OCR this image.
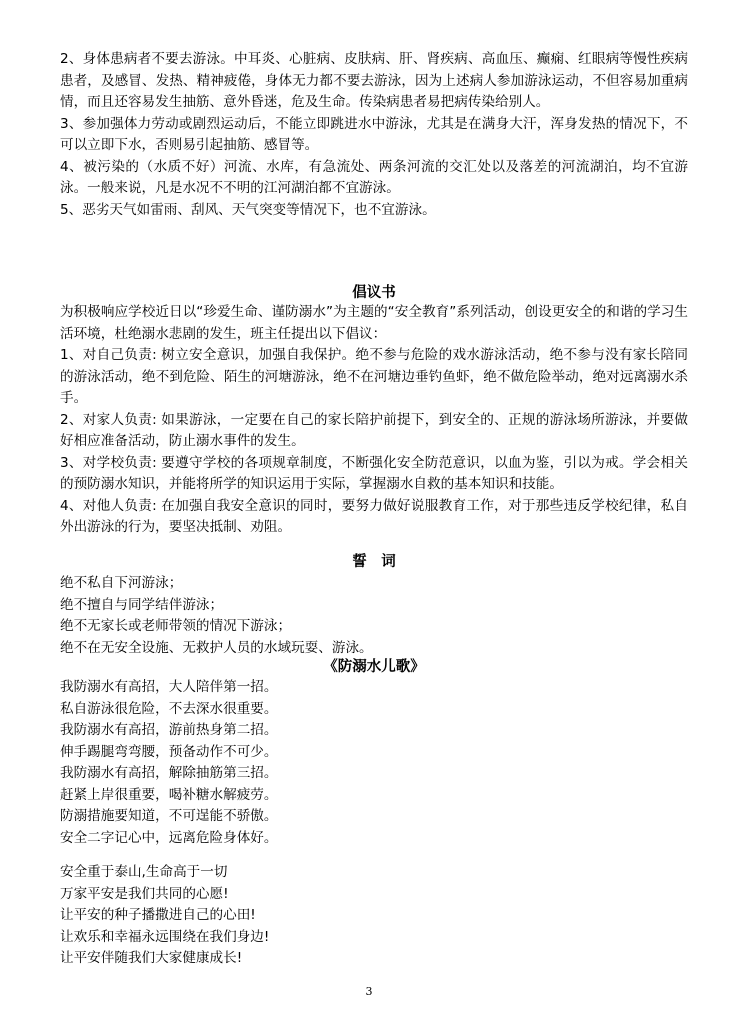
2、身体患病者不要去游泳。中耳炎、心脏病、皮肤病、肝、肾疾病、高血压、癫痫、红眼病等慢性疾病患者，及感冒、发热、精神疲倦，身体无力都不要去游泳，因为上述病人参加游泳运动，不但容易加重病情，而且还容易发生抽筋、意外昏迷，危及生命。传染病患者易把病传染给别人。

3、参加强体力劳动或剧烈运动后，不能立即跳进水中游泳，尤其是在满身大汗，浑身发热的情况下，不可以立即下水，否则易引起抽筋、感冒等。

4、被污染的（水质不好）河流、水库，有急流处、两条河流的交汇处以及落差的河流湖泊，均不宜游泳。一般来说，凡是水况不不明的江河湖泊都不宜游泳。

5、恶劣天气如雷雨、刮风、天气突变等情况下，也不宜游泳。

倡议书

为积极响应学校近日以“珍爱生命、谨防溺水”为主题的“安全教育”系列活动，创设更安全的和谐的学习生活环境，杜绝溺水悲剧的发生，班主任提出以下倡议：

1、对自己负责: 树立安全意识，加强自我保护。绝不参与危险的戏水游泳活动，绝不参与没有家长陪同的游泳活动，绝不到危险、陌生的河塘游泳，绝不在河塘边垂钓鱼虾，绝不做危险举动，绝对远离溺水杀手。

2、对家人负责: 如果游泳，一定要在自己的家长陪护前提下，到安全的、正规的游泳场所游泳，并要做好相应准备活动，防止溺水事件的发生。

3、对学校负责: 要遵守学校的各项规章制度，不断强化安全防范意识，以血为鉴，引以为戒。学会相关的预防溺水知识，并能将所学的知识运用于实际，掌握溺水自救的基本知识和技能。

4、对他人负责: 在加强自我安全意识的同时，要努力做好说服教育工作，对于那些违反学校纪律，私自外出游泳的行为，要坚决抵制、劝阻。

誓　词

绝不私自下河游泳；

绝不擅自与同学结伴游泳；

绝不无家长或老师带领的情况下游泳；

绝不在无安全设施、无救护人员的水域玩耍、游泳。

《防溺水儿歌》

我防溺水有高招，大人陪伴第一招。

私自游泳很危险，不去深水很重要。

我防溺水有高招，游前热身第二招。

伸手踢腿弯弯腰，预备动作不可少。

我防溺水有高招，解除抽筋第三招。

赶紧上岸很重要，喝补糖水解疲劳。

防溺措施要知道，不可逞能不骄傲。

安全二字记心中，远离危险身体好。

安全重于泰山,生命高于一切

万家平安是我们共同的心愿!

让平安的种子播撒进自己的心田!

让欢乐和幸福永远围绕在我们身边!

让平安伴随我们大家健康成长!

3
